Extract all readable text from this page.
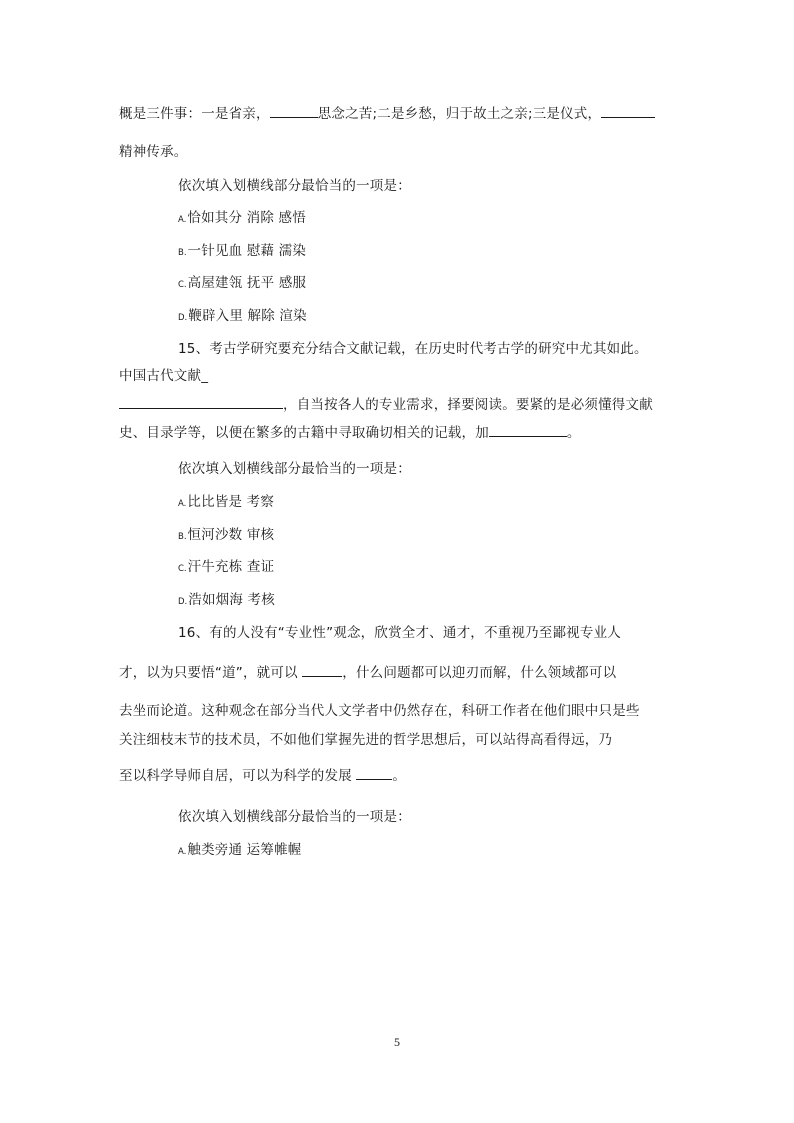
概是三件事：一是省亲，	思念之苦;二是乡愁，归于故土之亲;三是仪式，
精神传承。
依次填入划横线部分最恰当的一项是：
A.恰如其分 消除 感悟
B.一针见血 慰藉 濡染
C.高屋建瓴 抚平 感服
D.鞭辟入里 解除 渲染
15、考古学研究要充分结合文献记载，在历史时代考古学的研究中尤其如此。
中国古代文献_
，自当按各人的专业需求，择要阅读。要紧的是必须懂得文献
史、目录学等，以便在繁多的古籍中寻取确切相关的记载，加	。
依次填入划横线部分最恰当的一项是：
A.比比皆是 考察
B.恒河沙数 审核
C.汗牛充栋 查证
D.浩如烟海 考核
16、有的人没有“专业性”观念，欣赏全才、通才，不重视乃至鄙视专业人
才，以为只要悟“道”，就可以	，什么问题都可以迎刃而解，什么领域都可以
去坐而论道。这种观念在部分当代人文学者中仍然存在，科研工作者在他们眼中只是些
关注细枝末节的技术员，不如他们掌握先进的哲学思想后，可以站得高看得远，乃
至以科学导师自居，可以为科学的发展	。
依次填入划横线部分最恰当的一项是：
A.触类旁通 运筹帷幄
5
